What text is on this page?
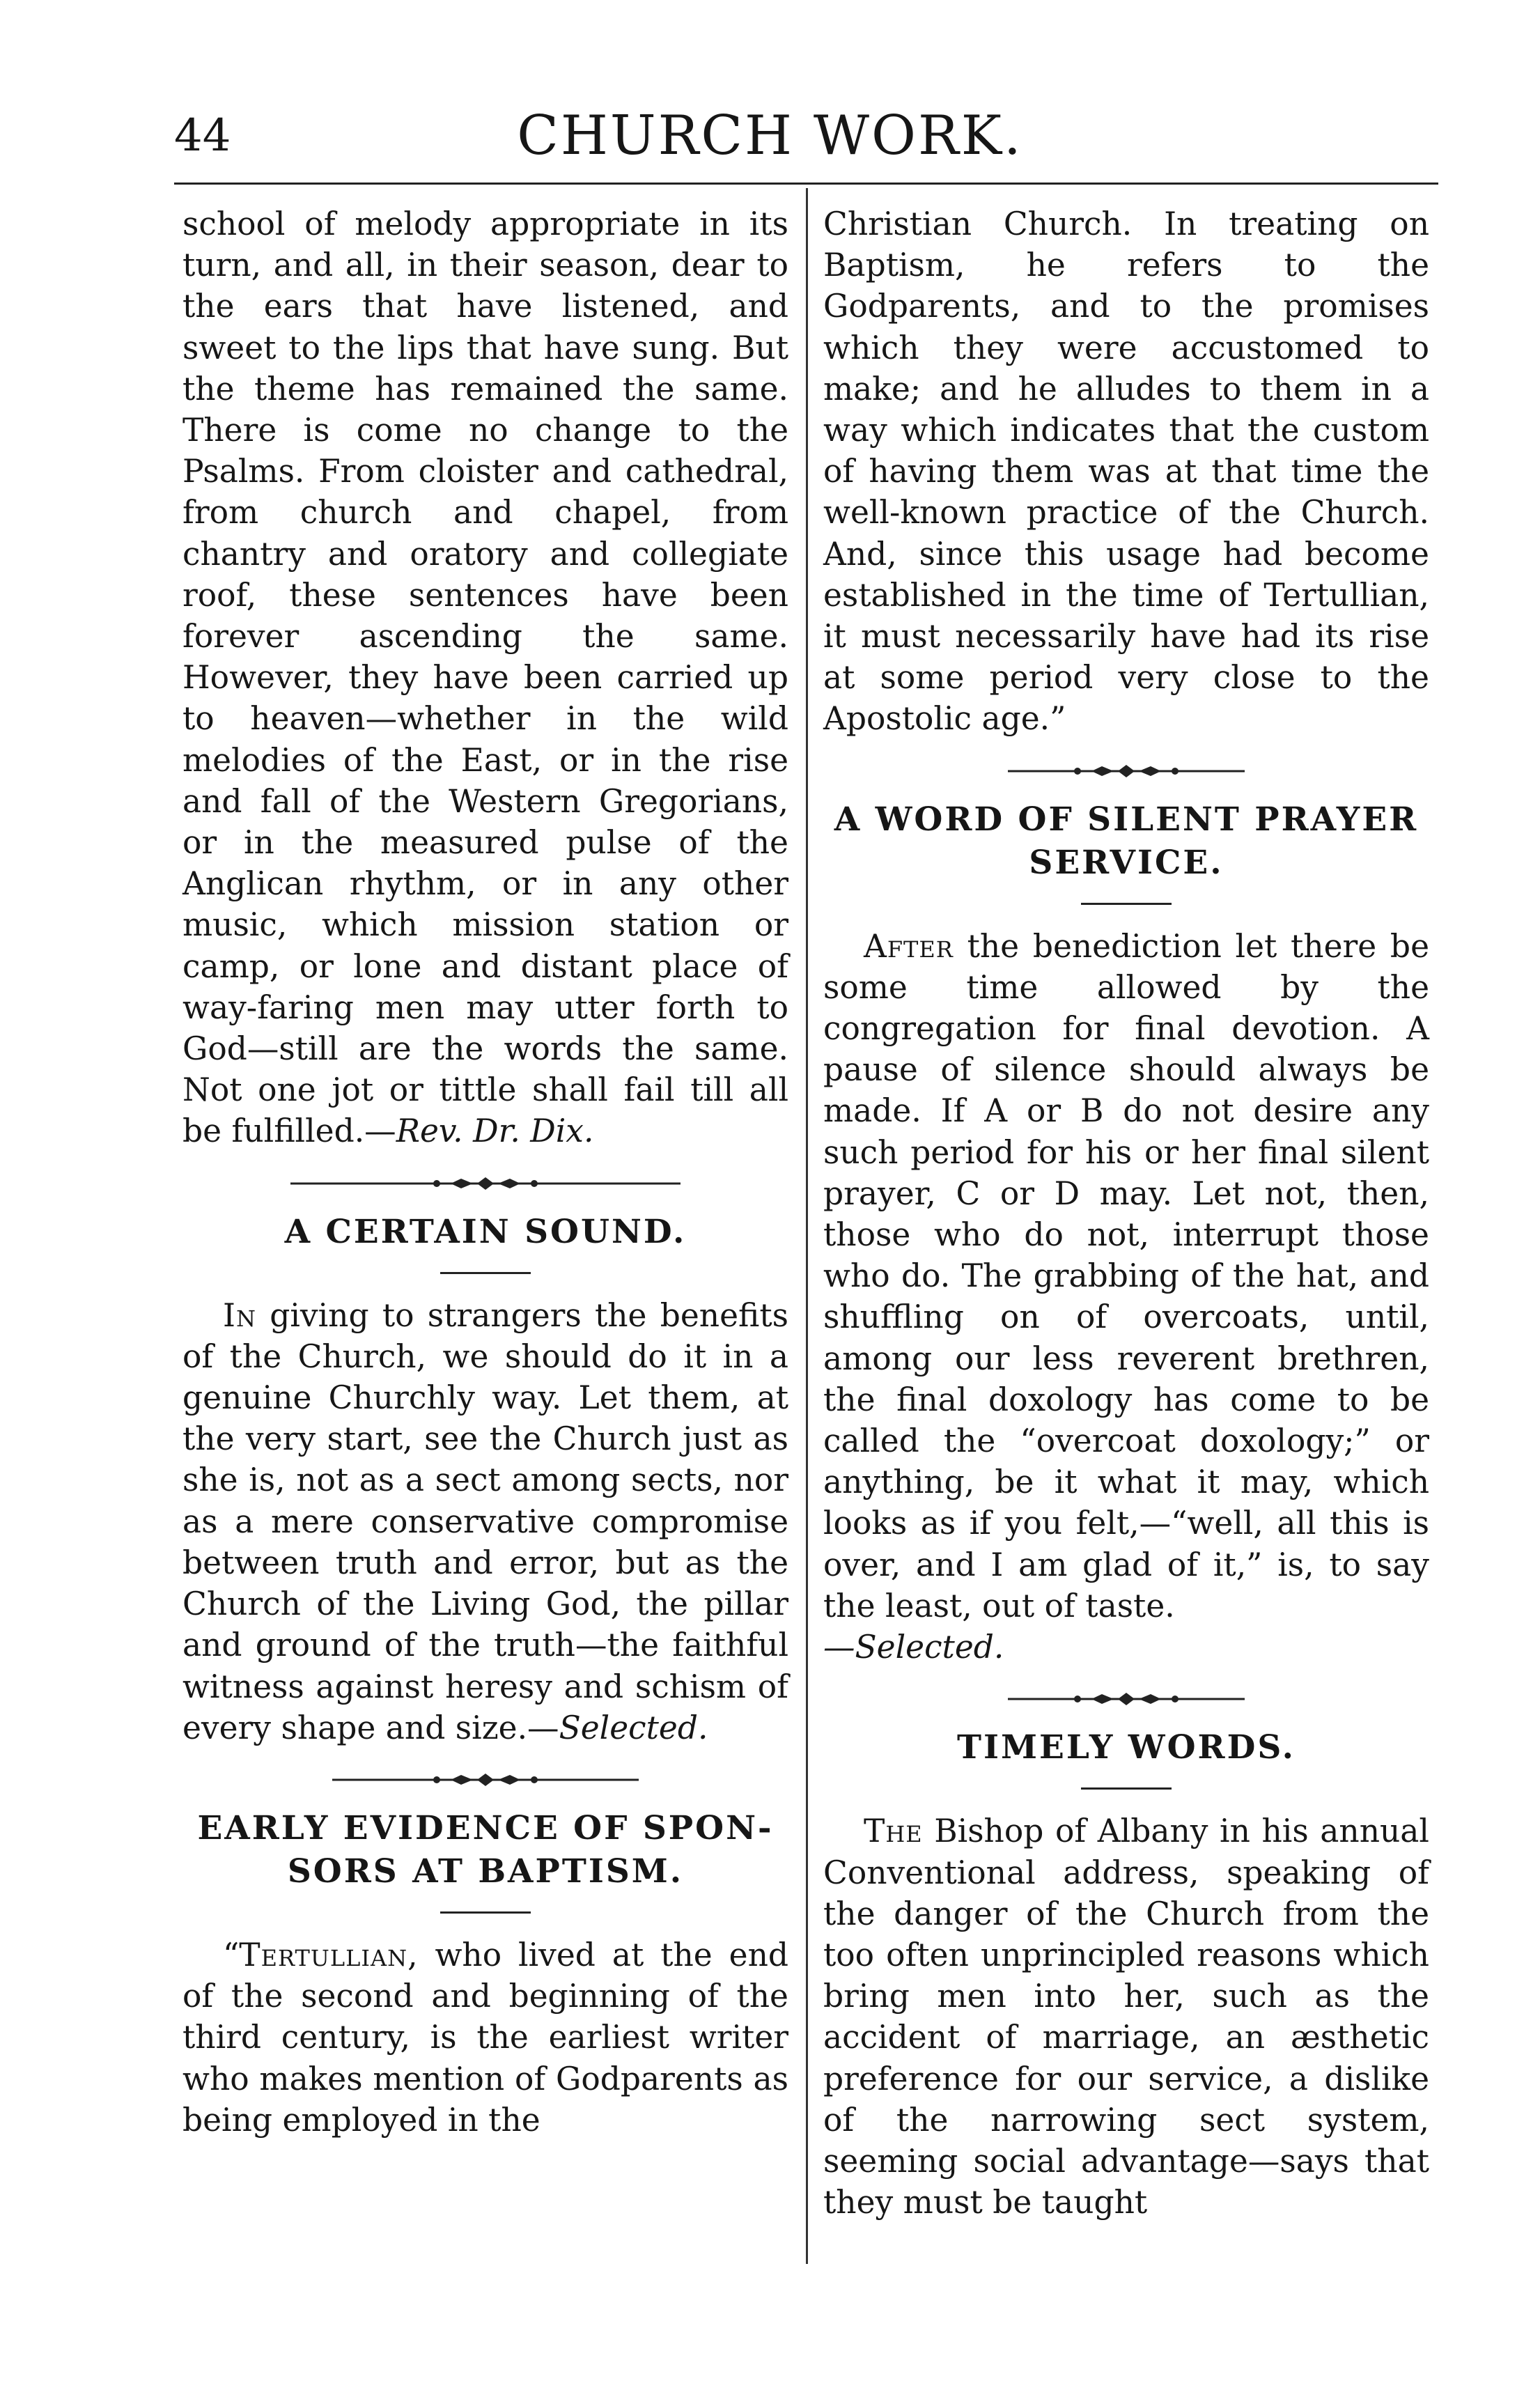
44	CHURCH WORK.

school of melody appropriate in its turn, and all, in their season, dear to the ears that have listened, and sweet to the lips that have sung. But the theme has remained the same. There is come no change to the Psalms. From cloister and cathedral, from church and chapel, from chantry and oratory and collegiate roof, these sentences have been forever ascending the same. However, they have been carried up to heaven—whether in the wild melodies of the East, or in the rise and fall of the Western Gregorians, or in the measured pulse of the Anglican rhythm, or in any other music, which mission station or camp, or lone and distant place of way-faring men may utter forth to God—still are the words the same. Not one jot or tittle shall fail till all be fulfilled.—Rev. Dr. Dix.

A CERTAIN SOUND.

In giving to strangers the benefits of the Church, we should do it in a genuine Churchly way. Let them, at the very start, see the Church just as she is, not as a sect among sects, nor as a mere conservative compromise between truth and error, but as the Church of the Living God, the pillar and ground of the truth—the faithful witness against heresy and schism of every shape and size.—Selected.

EARLY EVIDENCE OF SPON-
SORS AT BAPTISM.

“Tertullian, who lived at the end of the second and beginning of the third century, is the earliest writer who makes mention of Godparents as being employed in the

Christian Church. In treating on Baptism, he refers to the Godparents, and to the promises which they were accustomed to make; and he alludes to them in a way which indicates that the custom of having them was at that time the well-known practice of the Church. And, since this usage had become established in the time of Tertullian, it must necessarily have had its rise at some period very close to the Apostolic age.”

A WORD OF SILENT PRAYER
SERVICE.

After the benediction let there be some time allowed by the congregation for final devotion. A pause of silence should always be made. If A or B do not desire any such period for his or her final silent prayer, C or D may. Let not, then, those who do not, interrupt those who do. The grabbing of the hat, and shuffling on of overcoats, until, among our less reverent brethren, the final doxology has come to be called the “overcoat doxology;” or anything, be it what it may, which looks as if you felt,—“well, all this is over, and I am glad of it,” is, to say the least, out of taste.

—Selected.

TIMELY WORDS.

The Bishop of Albany in his annual Conventional address, speaking of the danger of the Church from the too often unprincipled reasons which bring men into her, such as the accident of marriage, an æsthetic preference for our service, a dislike of the narrowing sect system, seeming social advantage—says that they must be taught
